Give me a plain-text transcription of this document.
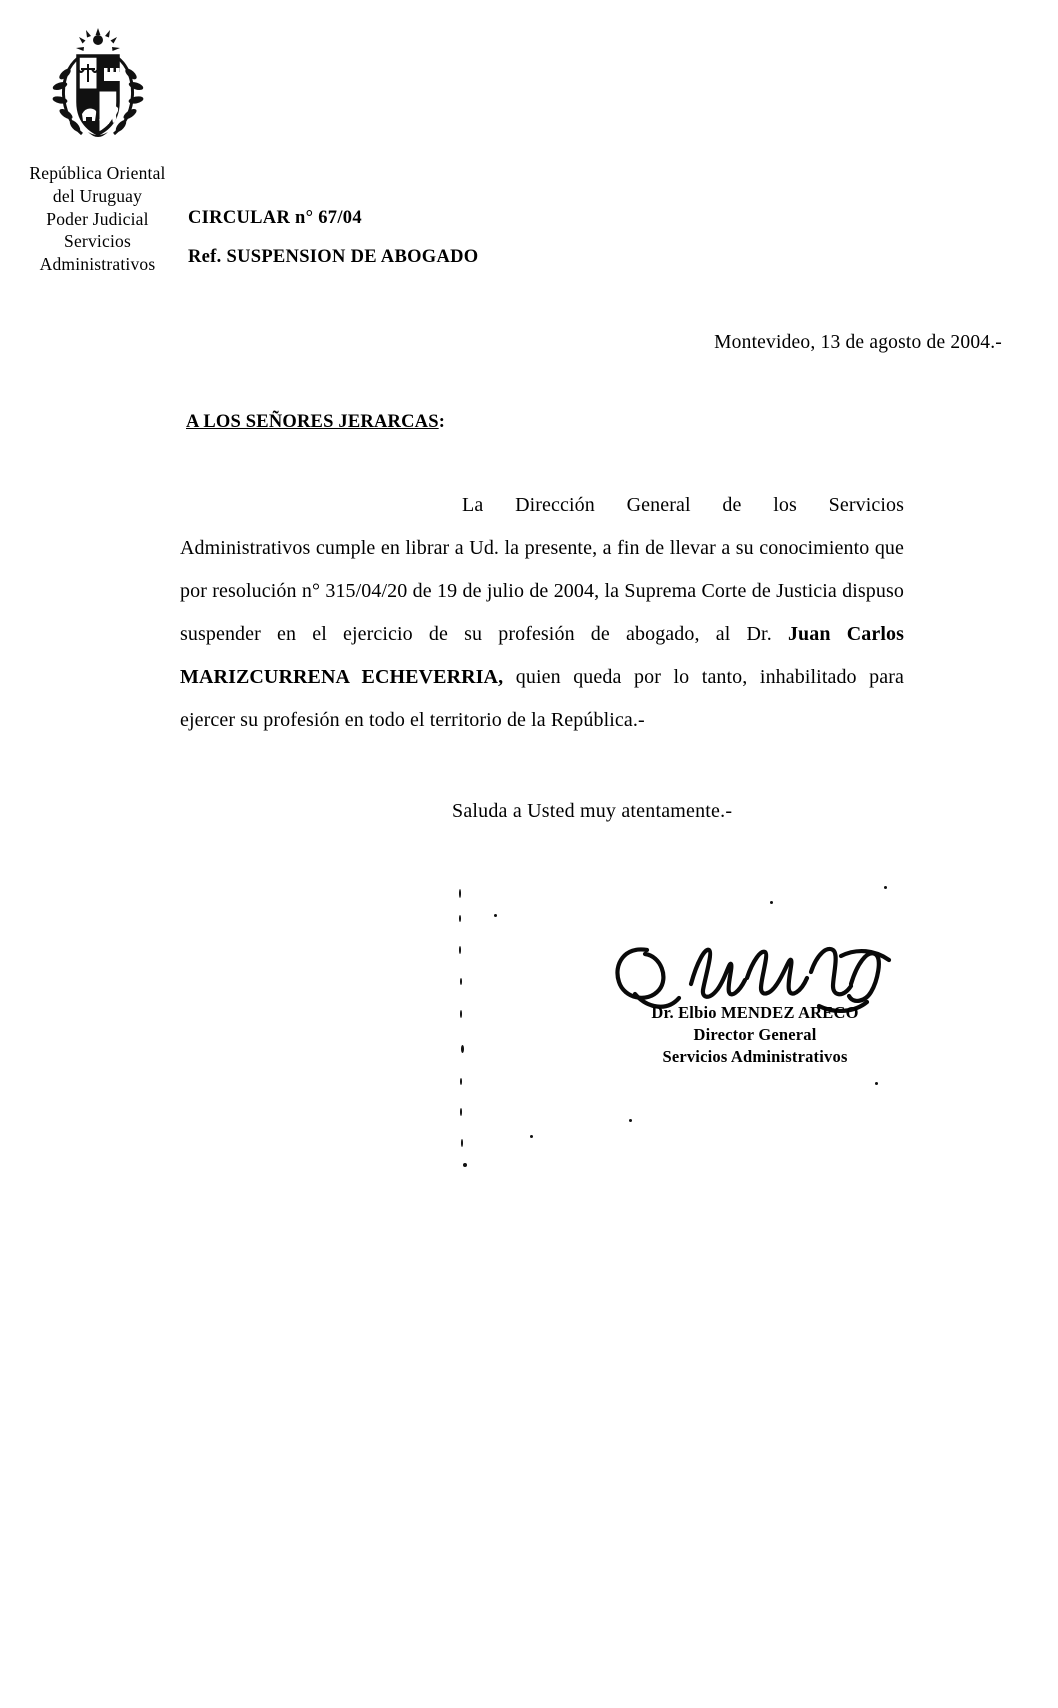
República Oriental
del Uruguay
Poder Judicial
Servicios
Administrativos
CIRCULAR n° 67/04
Ref. SUSPENSION DE ABOGADO
Montevideo, 13 de agosto de 2004.-
A LOS SEÑORES JERARCAS:
La Dirección General de los Servicios Administrativos cumple en librar a Ud. la presente, a fin de llevar a su conocimiento que por resolución n° 315/04/20 de 19 de julio de 2004, la Suprema Corte de Justicia dispuso suspender en el ejercicio de su profesión de abogado, al Dr. Juan Carlos MARIZCURRENA ECHEVERRIA, quien queda por lo tanto, inhabilitado para ejercer su profesión en todo el territorio de la República.-
Saluda a Usted muy atentamente.-
Dr. Elbio MENDEZ ARECO
Director General
Servicios Administrativos
